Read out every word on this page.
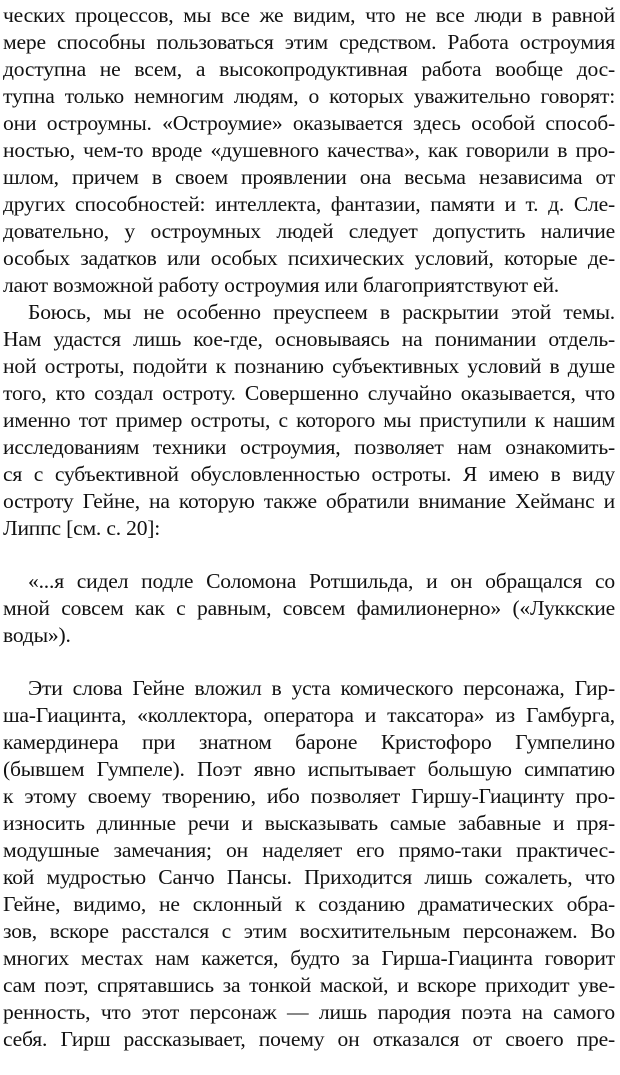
ческих процессов, мы все же видим, что не все люди в равной
мере способны пользоваться этим средством. Работа остроумия
доступна не всем, а высокопродуктивная работа вообще дос-
тупна только немногим людям, о которых уважительно говорят:
они остроумны. «Остроумие» оказывается здесь особой способ-
ностью, чем-то вроде «душевного качества», как говорили в про-
шлом, причем в своем проявлении она весьма независима от
других способностей: интеллекта, фантазии, памяти и т. д. Сле-
довательно, у остроумных людей следует допустить наличие
особых задатков или особых психических условий, которые де-
лают возможной работу остроумия или благоприятствуют ей.
Боюсь, мы не особенно преуспеем в раскрытии этой темы.
Нам удастся лишь кое-где, основываясь на понимании отдель-
ной остроты, подойти к познанию субъективных условий в душе
того, кто создал остроту. Совершенно случайно оказывается, что
именно тот пример остроты, с которого мы приступили к нашим
исследованиям техники остроумия, позволяет нам ознакомить-
ся с субъективной обусловленностью остроты. Я имею в виду
остроту Гейне, на которую также обратили внимание Хейманс и
Липпс [см. с. 20]:
«...я сидел подле Соломона Ротшильда, и он обращался со
мной совсем как с равным, совсем фамилионерно» («Луккские
воды»).
Эти слова Гейне вложил в уста комического персонажа, Гир-
ша-Гиацинта, «коллектора, оператора и таксатора» из Гамбурга,
камердинера при знатном бароне Кристофоро Гумпелино
(бывшем Гумпеле). Поэт явно испытывает большую симпатию
к этому своему творению, ибо позволяет Гиршу-Гиацинту про-
износить длинные речи и высказывать самые забавные и пря-
модушные замечания; он наделяет его прямо-таки практичес-
кой мудростью Санчо Пансы. Приходится лишь сожалеть, что
Гейне, видимо, не склонный к созданию драматических обра-
зов, вскоре расстался с этим восхитительным персонажем. Во
многих местах нам кажется, будто за Гирша-Гиацинта говорит
сам поэт, спрятавшись за тонкой маской, и вскоре приходит уве-
ренность, что этот персонаж — лишь пародия поэта на самого
себя. Гирш рассказывает, почему он отказался от своего пре-
